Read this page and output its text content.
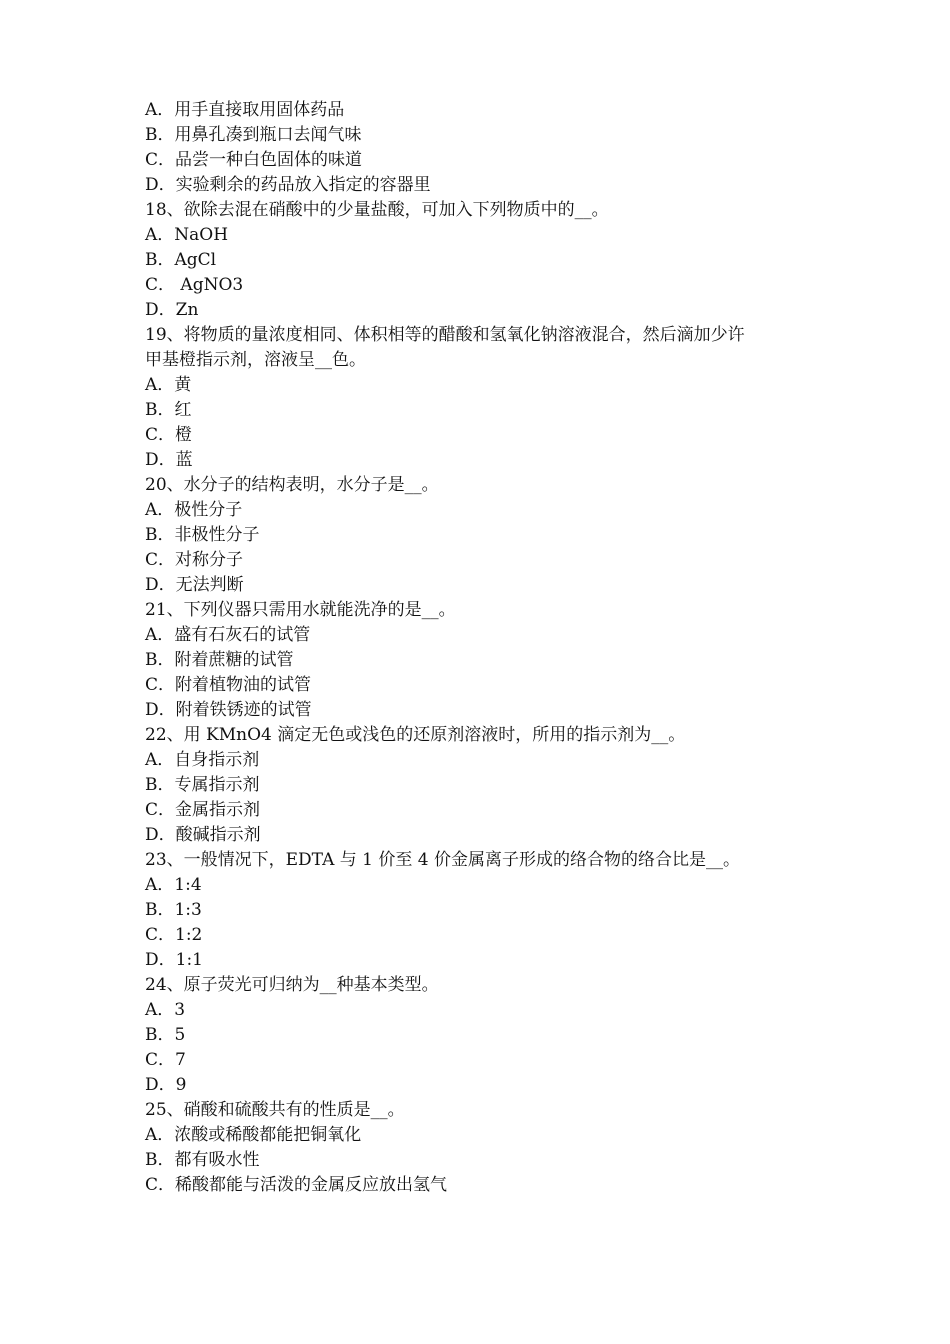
A．用手直接取用固体药品
B．用鼻孔凑到瓶口去闻气味
C．品尝一种白色固体的味道
D．实验剩余的药品放入指定的容器里
18、欲除去混在硝酸中的少量盐酸，可加入下列物质中的__。
A．NaOH
B．AgCl
C． AgNO3
D．Zn
19、将物质的量浓度相同、体积相等的醋酸和氢氧化钠溶液混合，然后滴加少许
甲基橙指示剂，溶液呈__色。
A．黄
B．红
C．橙
D．蓝
20、水分子的结构表明，水分子是__。
A．极性分子
B．非极性分子
C．对称分子
D．无法判断
21、下列仪器只需用水就能洗净的是__。
A．盛有石灰石的试管
B．附着蔗糖的试管
C．附着植物油的试管
D．附着铁锈迹的试管
22、用 KMnO4 滴定无色或浅色的还原剂溶液时，所用的指示剂为__。
A．自身指示剂
B．专属指示剂
C．金属指示剂
D．酸碱指示剂
23、一般情况下，EDTA 与 1 价至 4 价金属离子形成的络合物的络合比是__。
A．1:4
B．1:3
C．1:2
D．1:1
24、原子荧光可归纳为__种基本类型。
A．3
B．5
C．7
D．9
25、硝酸和硫酸共有的性质是__。
A．浓酸或稀酸都能把铜氧化
B．都有吸水性
C．稀酸都能与活泼的金属反应放出氢气
